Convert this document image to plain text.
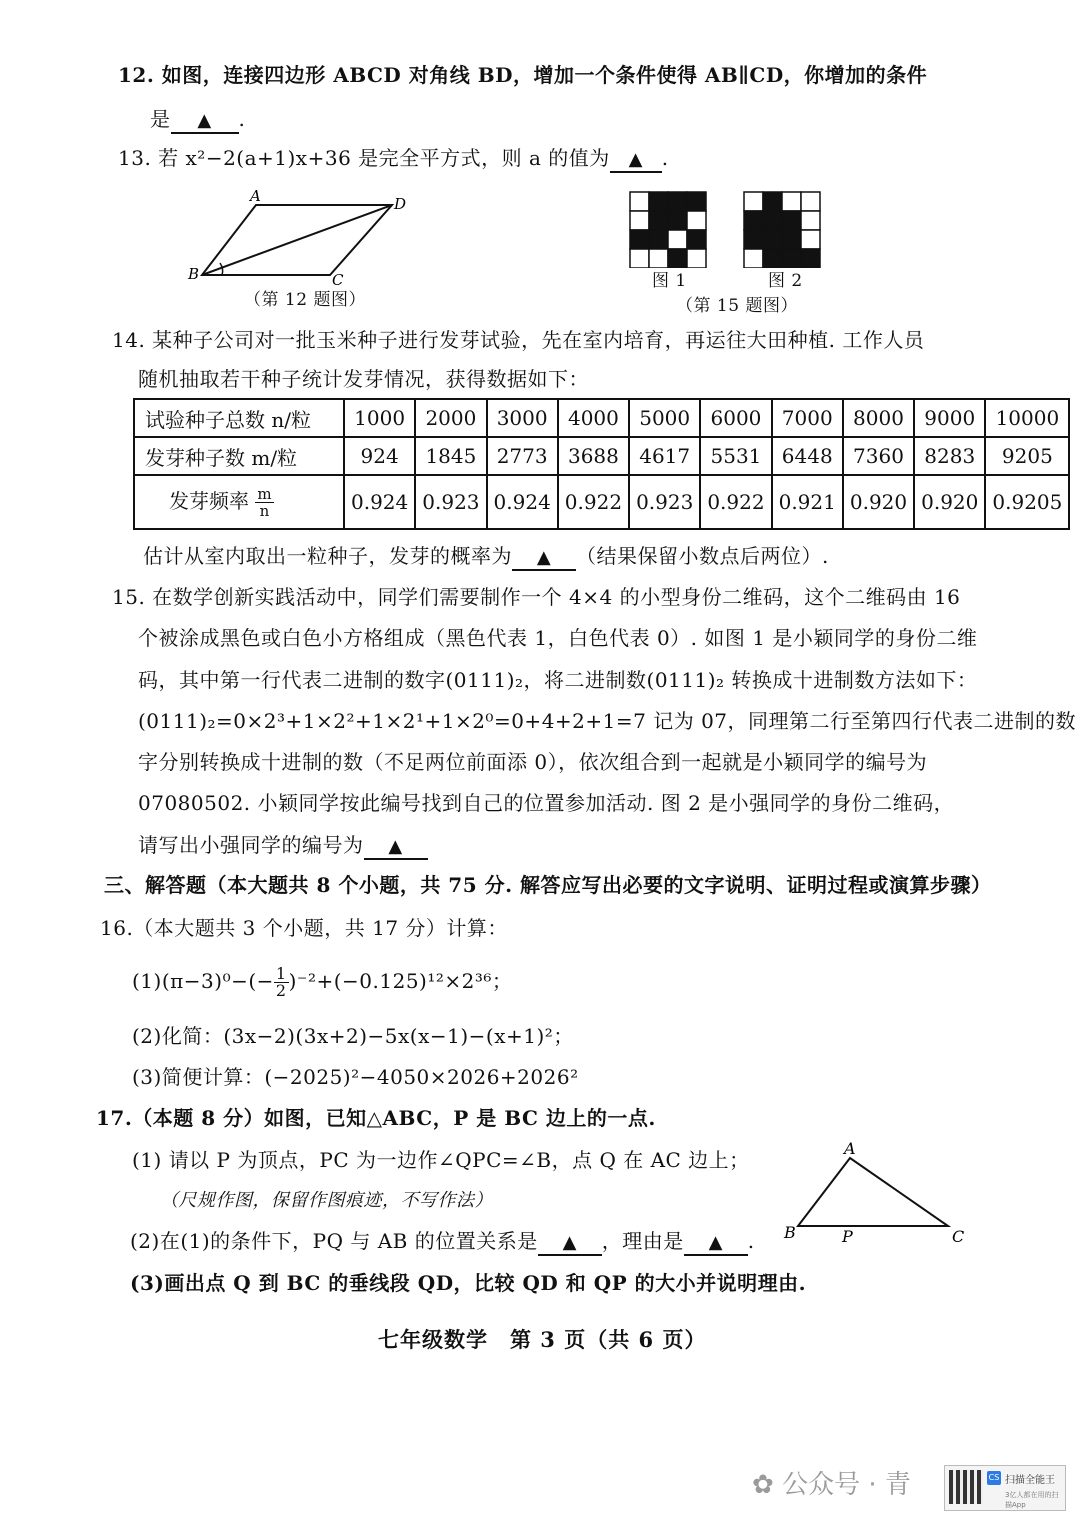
12. 如图，连接四边形 ABCD 对角线 BD，增加一个条件使得 AB∥CD，你增加的条件
是 ▲ .
13. 若 x²−2(a+1)x+36 是完全平方式，则 a 的值为 ▲ .
A	D
B	C
（第 12 题图）
图 1	图 2
（第 15 题图）
14. 某种子公司对一批玉米种子进行发芽试验，先在室内培育，再运往大田种植. 工作人员
随机抽取若干种子统计发芽情况，获得数据如下：
试验种子总数 n/粒	1000	2000	3000	4000	5000	6000	7000	8000	9000	10000
发芽种子数 m/粒	924	1845	2773	3688	4617	5531	6448	7360	8283	9205
发芽频率 $\frac{m}{n}$	0.924	0.923	0.924	0.922	0.923	0.922	0.921	0.920	0.920	0.9205
估计从室内取出一粒种子，发芽的概率为 ▲ （结果保留小数点后两位）.
15. 在数学创新实践活动中，同学们需要制作一个 4×4 的小型身份二维码，这个二维码由 16
个被涂成黑色或白色小方格组成（黑色代表 1，白色代表 0）. 如图 1 是小颖同学的身份二维
码，其中第一行代表二进制的数字(0111)₂，将二进制数(0111)₂ 转换成十进制数方法如下：
(0111)₂=0×2³+1×2²+1×2¹+1×2⁰=0+4+2+1=7 记为 07，同理第二行至第四行代表二进制的数
字分别转换成十进制的数（不足两位前面添 0），依次组合到一起就是小颖同学的编号为
07080502. 小颖同学按此编号找到自己的位置参加活动. 图 2 是小强同学的身份二维码，
请写出小强同学的编号为 ▲
三、解答题（本大题共 8 个小题，共 75 分. 解答应写出必要的文字说明、证明过程或演算步骤）
16.（本大题共 3 个小题，共 17 分）计算：
$(1)(\pi-3)^0-(- \frac{1}{2} )^{-2}+(-0.125)^{12}\times 2^{36}$；
(2)化简：(3x−2)(3x+2)−5x(x−1)−(x+1)²；
(3)简便计算：(−2025)²−4050×2026+2026²
17.（本题 8 分）如图，已知△ABC，P 是 BC 边上的一点.
(1) 请以 P 为顶点，PC 为一边作∠QPC=∠B，点 Q 在 AC 边上；
（尺规作图，保留作图痕迹，不写作法）
(2)在(1)的条件下，PQ 与 AB 的位置关系是 ▲ ，理由是 ▲ .
(3)画出点 Q 到 BC 的垂线段 QD，比较 QD 和 QP 的大小并说明理由.
A
B	C
P
七年级数学　第 3 页（共 6 页）
✿ 公众号 · 青	CS 扫描全能王
3亿人都在用的扫描App
